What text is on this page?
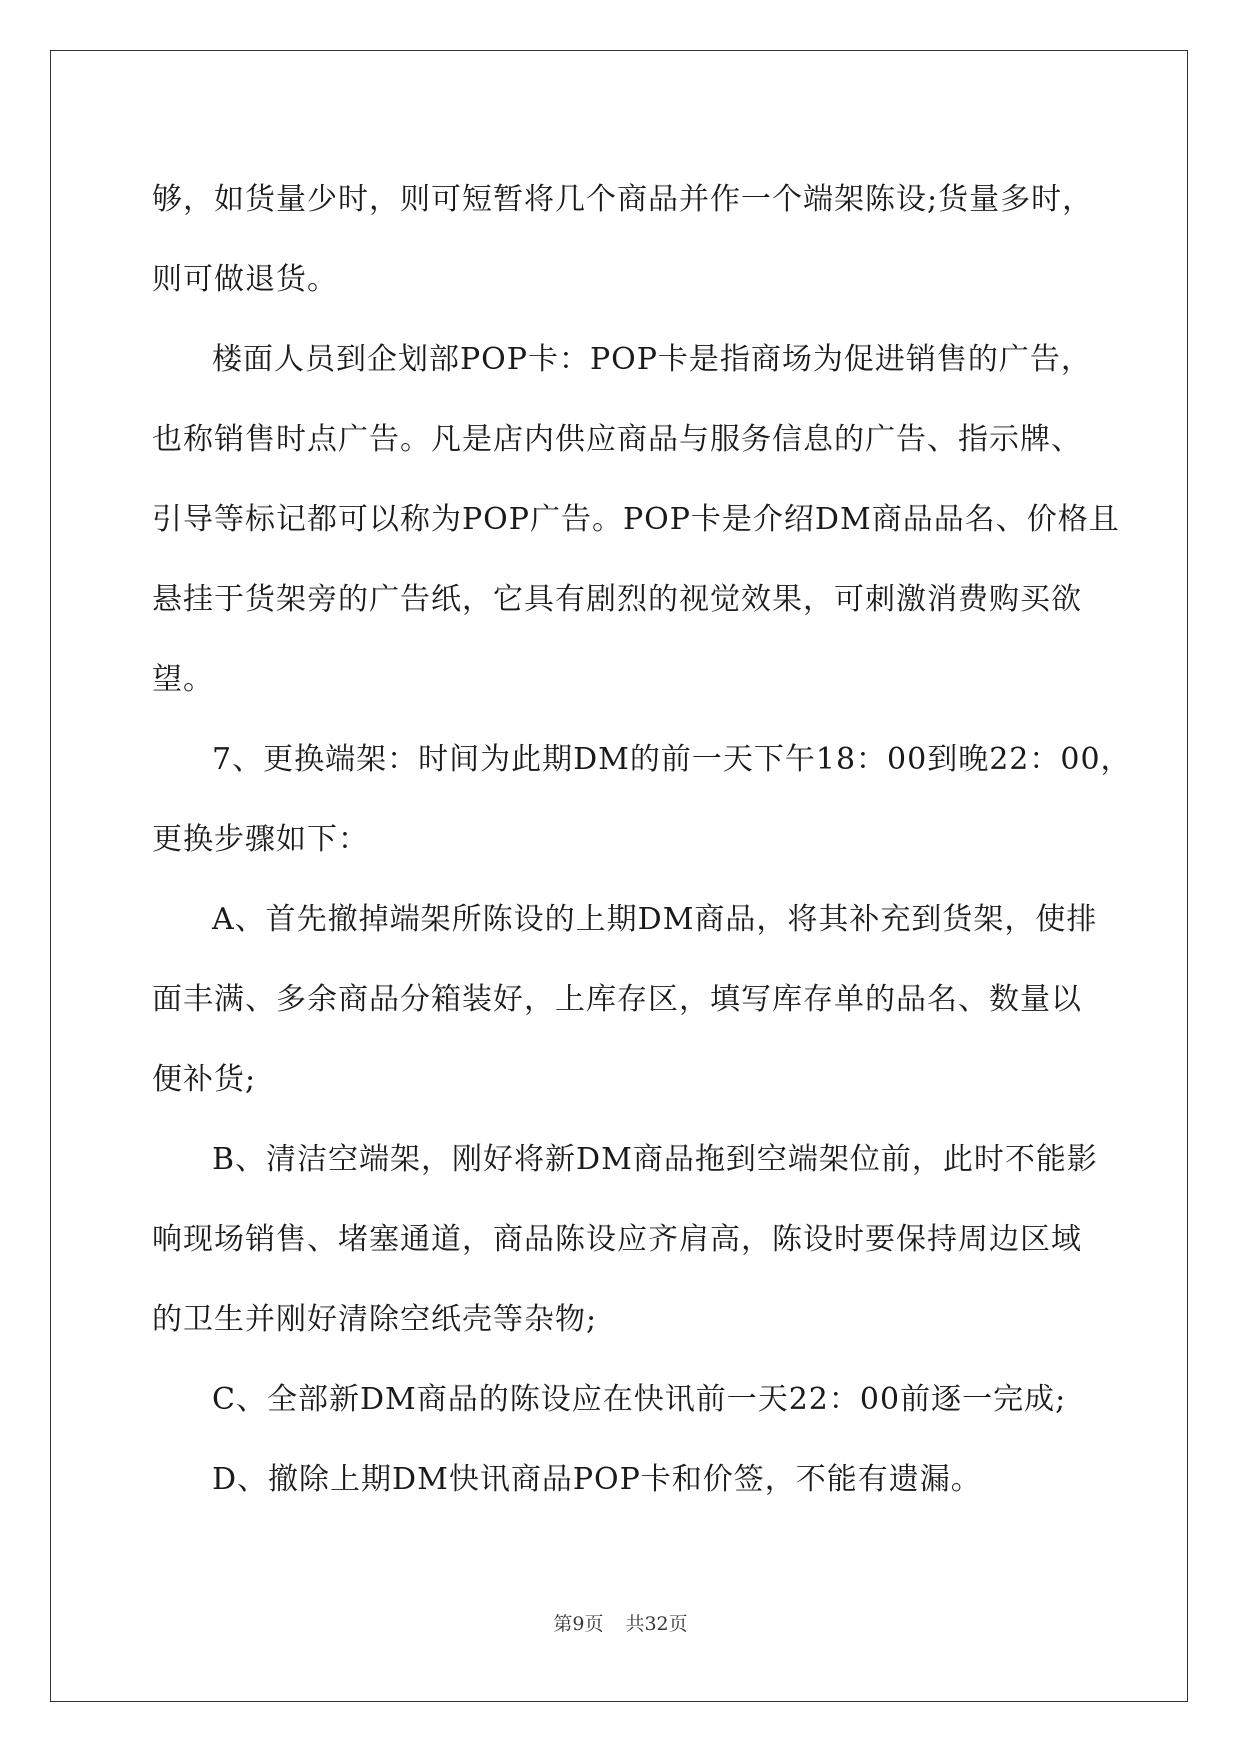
够，如货量少时，则可短暂将几个商品并作一个端架陈设;货量多时，
则可做退货。
楼面人员到企划部POP卡：POP卡是指商场为促进销售的广告，
也称销售时点广告。凡是店内供应商品与服务信息的广告、指示牌、
引导等标记都可以称为POP广告。POP卡是介绍DM商品品名、价格且
悬挂于货架旁的广告纸，它具有剧烈的视觉效果，可刺激消费购买欲
望。
7、更换端架：时间为此期DM的前一天下午18：00到晚22：00，
更换步骤如下：
A、首先撤掉端架所陈设的上期DM商品，将其补充到货架，使排
面丰满、多余商品分箱装好，上库存区，填写库存单的品名、数量以
便补货;
B、清洁空端架，刚好将新DM商品拖到空端架位前，此时不能影
响现场销售、堵塞通道，商品陈设应齐肩高，陈设时要保持周边区域
的卫生并刚好清除空纸壳等杂物;
C、全部新DM商品的陈设应在快讯前一天22：00前逐一完成;
D、撤除上期DM快讯商品POP卡和价签，不能有遗漏。
第9页 共32页
